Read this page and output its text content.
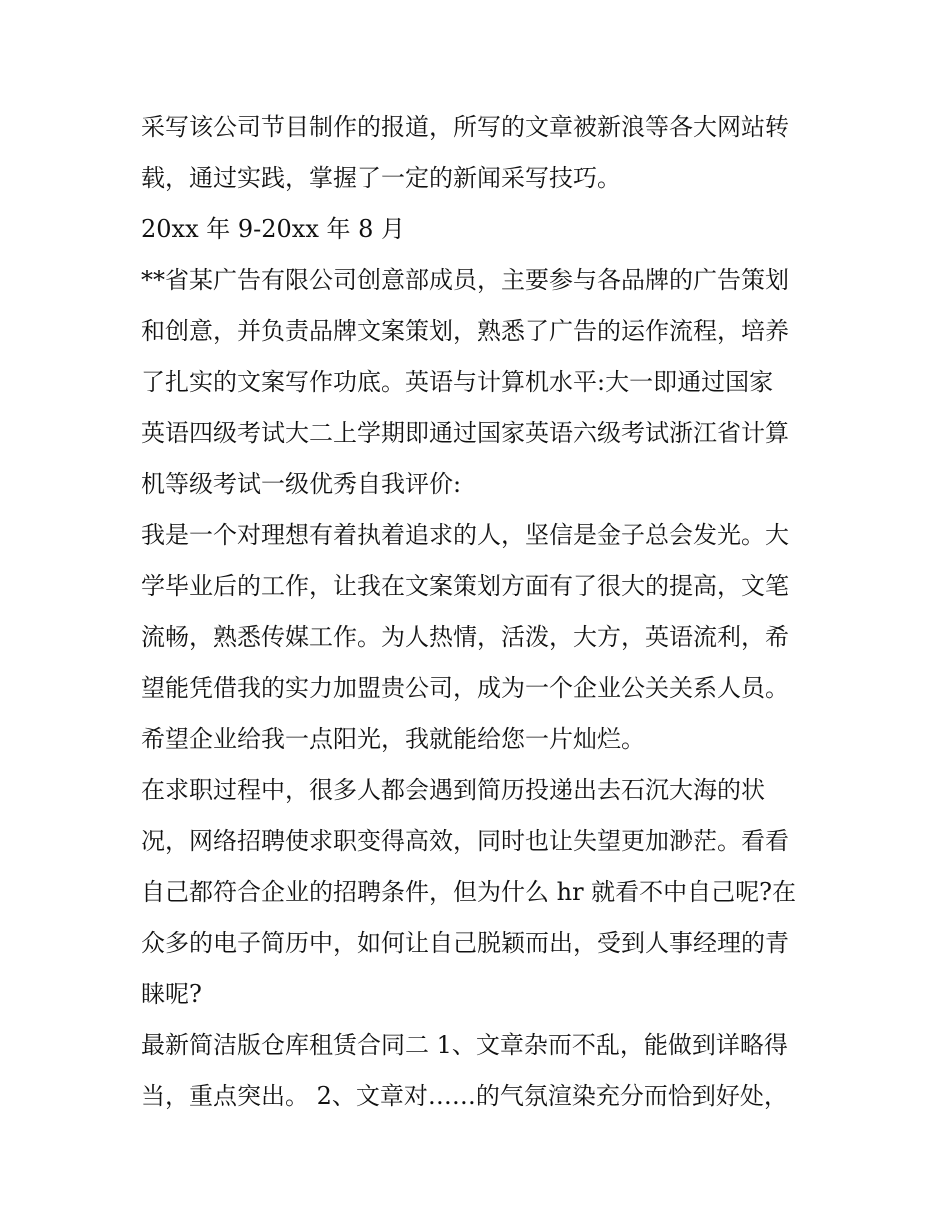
采写该公司节目制作的报道，所写的文章被新浪等各大网站转
载，通过实践，掌握了一定的新闻采写技巧。
20xx 年 9-20xx 年 8 月
**省某广告有限公司创意部成员，主要参与各品牌的广告策划
和创意，并负责品牌文案策划，熟悉了广告的运作流程，培养
了扎实的文案写作功底。英语与计算机水平:大一即通过国家
英语四级考试大二上学期即通过国家英语六级考试浙江省计算
机等级考试一级优秀自我评价:
我是一个对理想有着执着追求的人，坚信是金子总会发光。大
学毕业后的工作，让我在文案策划方面有了很大的提高，文笔
流畅，熟悉传媒工作。为人热情，活泼，大方，英语流利，希
望能凭借我的实力加盟贵公司，成为一个企业公关关系人员。
希望企业给我一点阳光，我就能给您一片灿烂。
在求职过程中，很多人都会遇到简历投递出去石沉大海的状
况，网络招聘使求职变得高效，同时也让失望更加渺茫。看看
自己都符合企业的招聘条件，但为什么 hr 就看不中自己呢?在
众多的电子简历中，如何让自己脱颖而出，受到人事经理的青
睐呢?
最新简洁版仓库租赁合同二 1、文章杂而不乱，能做到详略得
当，重点突出。 2、文章对……的气氛渲染充分而恰到好处，
